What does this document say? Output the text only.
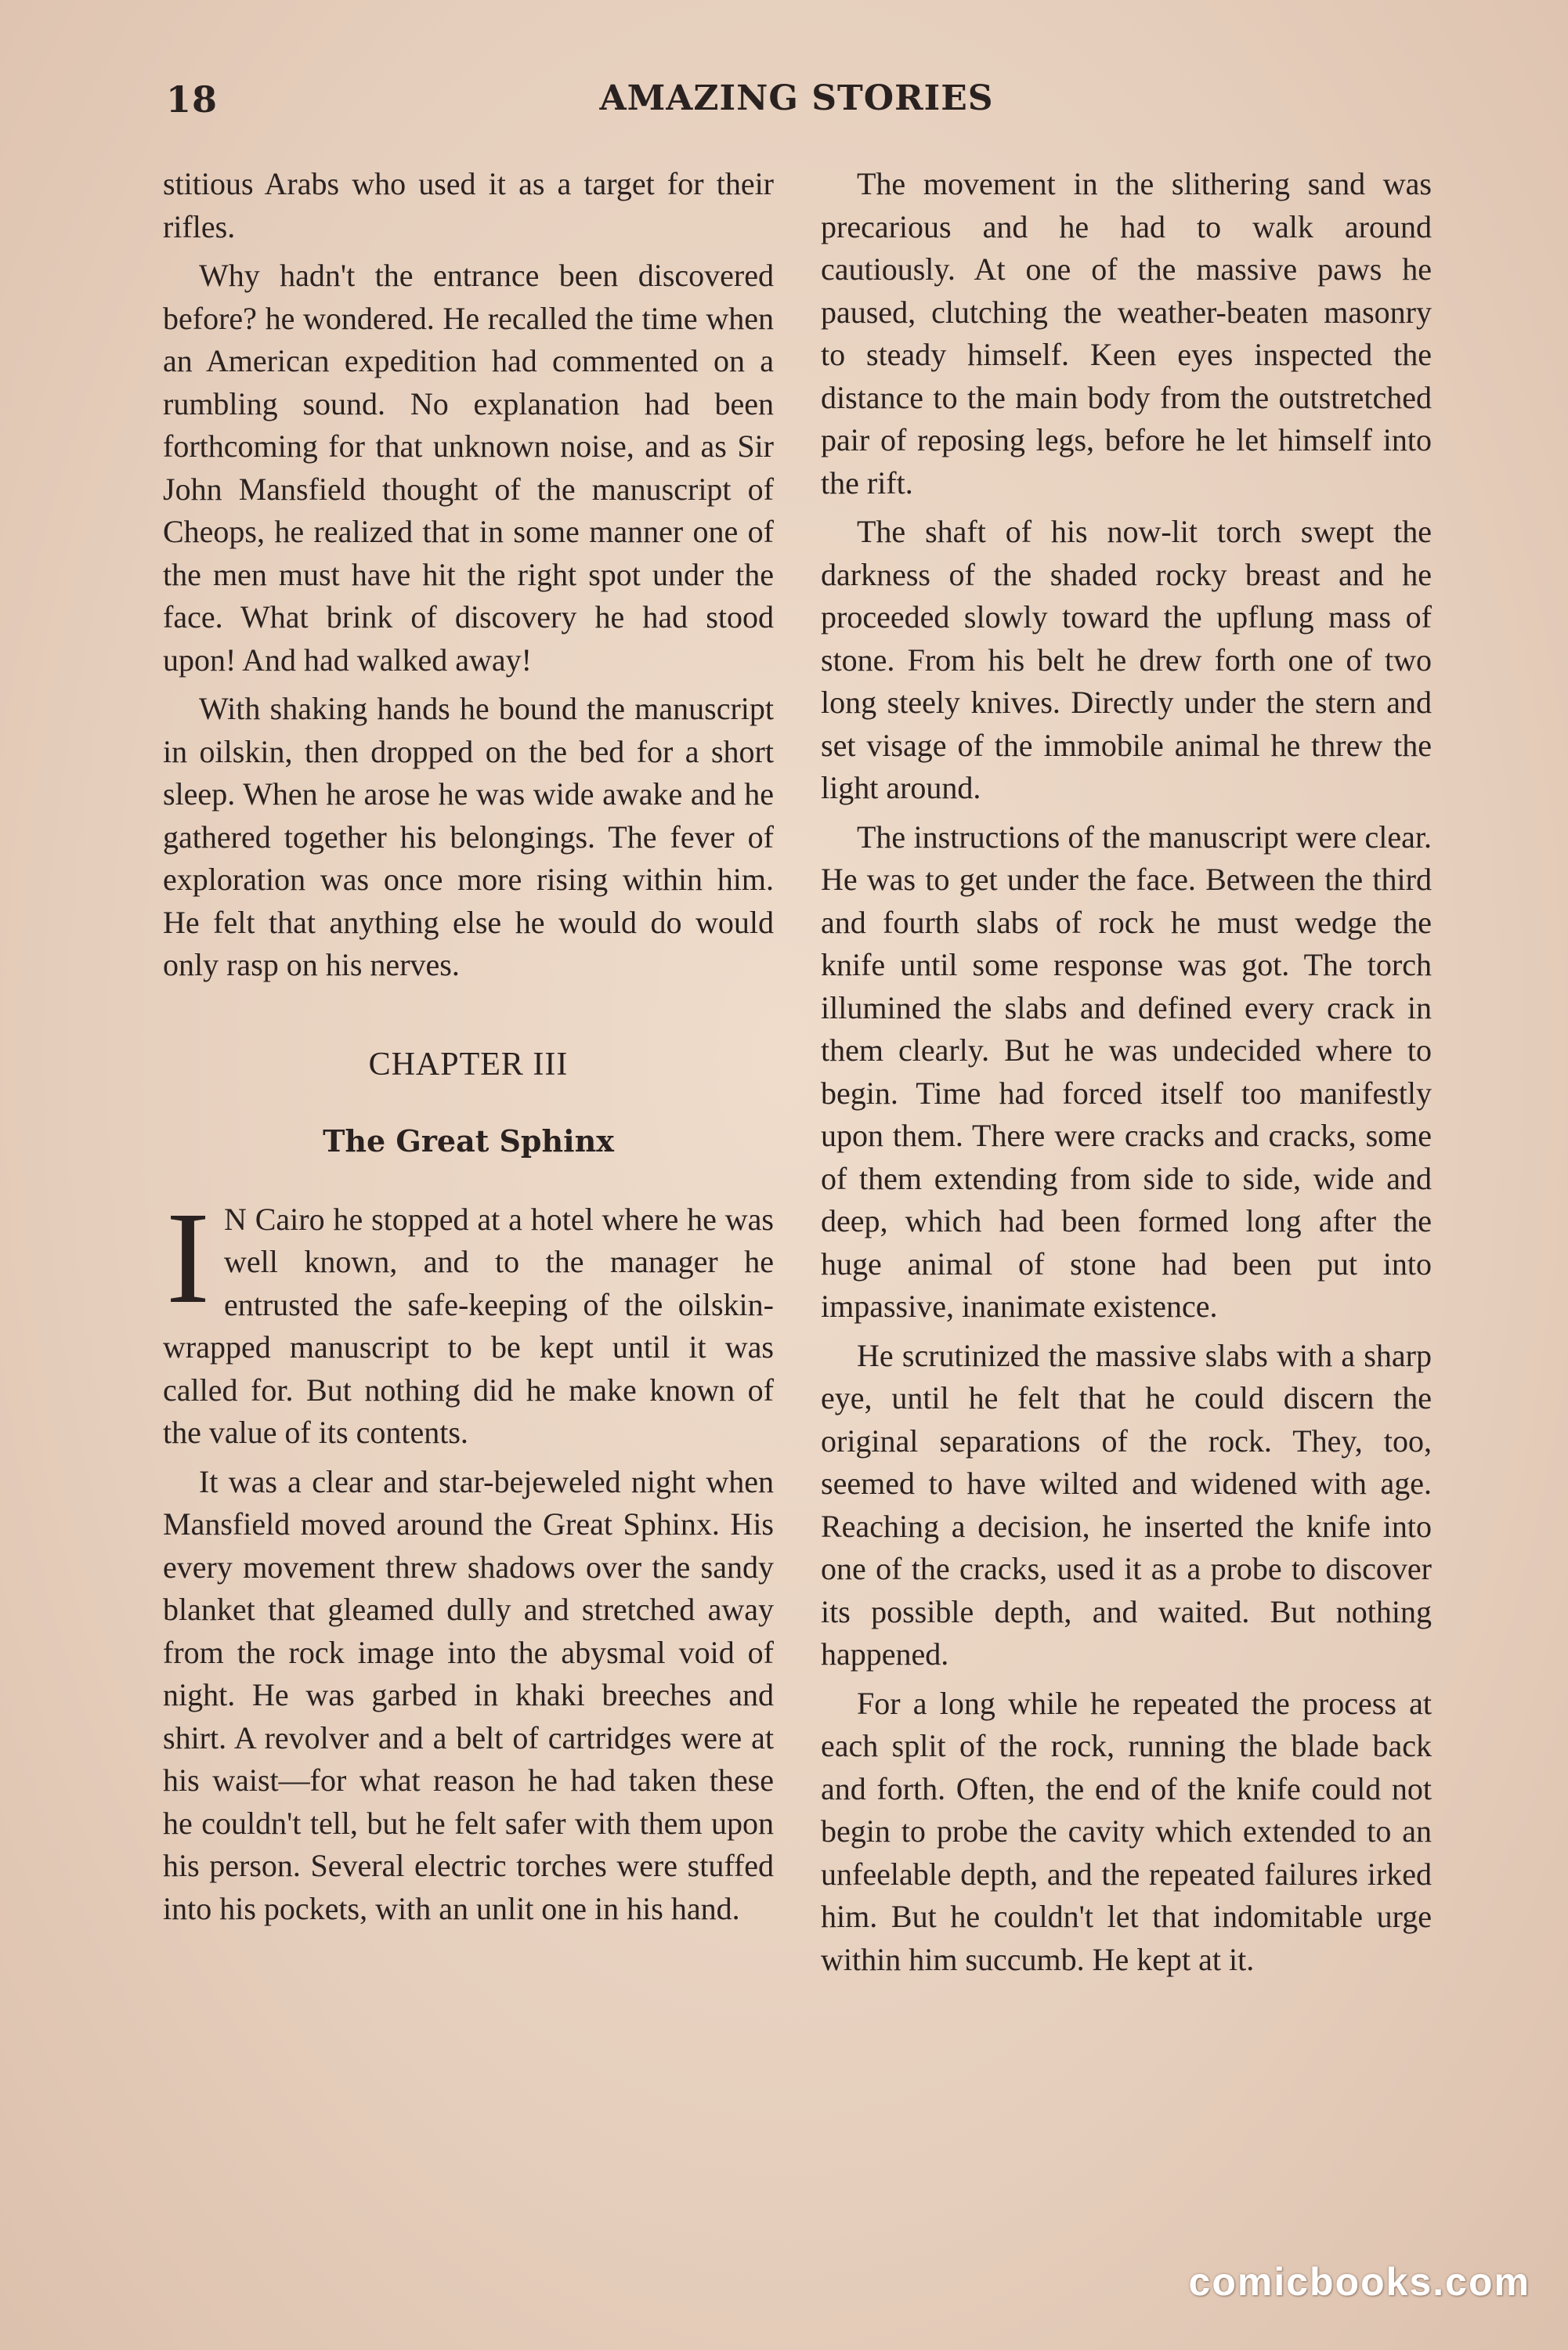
18	AMAZING STORIES

stitious Arabs who used it as a target for their rifles.

Why hadn't the entrance been discovered before? he wondered. He recalled the time when an American expedition had commented on a rumbling sound. No explanation had been forthcoming for that unknown noise, and as Sir John Mansfield thought of the manuscript of Cheops, he realized that in some manner one of the men must have hit the right spot under the face. What brink of discovery he had stood upon! And had walked away!

With shaking hands he bound the manuscript in oilskin, then dropped on the bed for a short sleep. When he arose he was wide awake and he gathered together his belongings. The fever of exploration was once more rising within him. He felt that anything else he would do would only rasp on his nerves.

CHAPTER III
The Great Sphinx

I N Cairo he stopped at a hotel where he was well known, and to the manager he entrusted the safe-keeping of the oilskin-wrapped manuscript to be kept until it was called for. But nothing did he make known of the value of its contents.

It was a clear and star-bejeweled night when Mansfield moved around the Great Sphinx. His every movement threw shadows over the sandy blanket that gleamed dully and stretched away from the rock image into the abysmal void of night. He was garbed in khaki breeches and shirt. A revolver and a belt of cartridges were at his waist—for what reason he had taken these he couldn't tell, but he felt safer with them upon his person. Several electric torches were stuffed into his pockets, with an unlit one in his hand.

The movement in the slithering sand was precarious and he had to walk around cautiously. At one of the massive paws he paused, clutching the weather-beaten masonry to steady himself. Keen eyes inspected the distance to the main body from the outstretched pair of reposing legs, before he let himself into the rift.

The shaft of his now-lit torch swept the darkness of the shaded rocky breast and he proceeded slowly toward the upflung mass of stone. From his belt he drew forth one of two long steely knives. Directly under the stern and set visage of the immobile animal he threw the light around.

The instructions of the manuscript were clear. He was to get under the face. Between the third and fourth slabs of rock he must wedge the knife until some response was got. The torch illumined the slabs and defined every crack in them clearly. But he was undecided where to begin. Time had forced itself too manifestly upon them. There were cracks and cracks, some of them extending from side to side, wide and deep, which had been formed long after the huge animal of stone had been put into impassive, inanimate existence.

He scrutinized the massive slabs with a sharp eye, until he felt that he could discern the original separations of the rock. They, too, seemed to have wilted and widened with age. Reaching a decision, he inserted the knife into one of the cracks, used it as a probe to discover its possible depth, and waited. But nothing happened.

For a long while he repeated the process at each split of the rock, running the blade back and forth. Often, the end of the knife could not begin to probe the cavity which extended to an unfeelable depth, and the repeated failures irked him. But he couldn't let that indomitable urge within him succumb. He kept at it.

comicbooks.com
